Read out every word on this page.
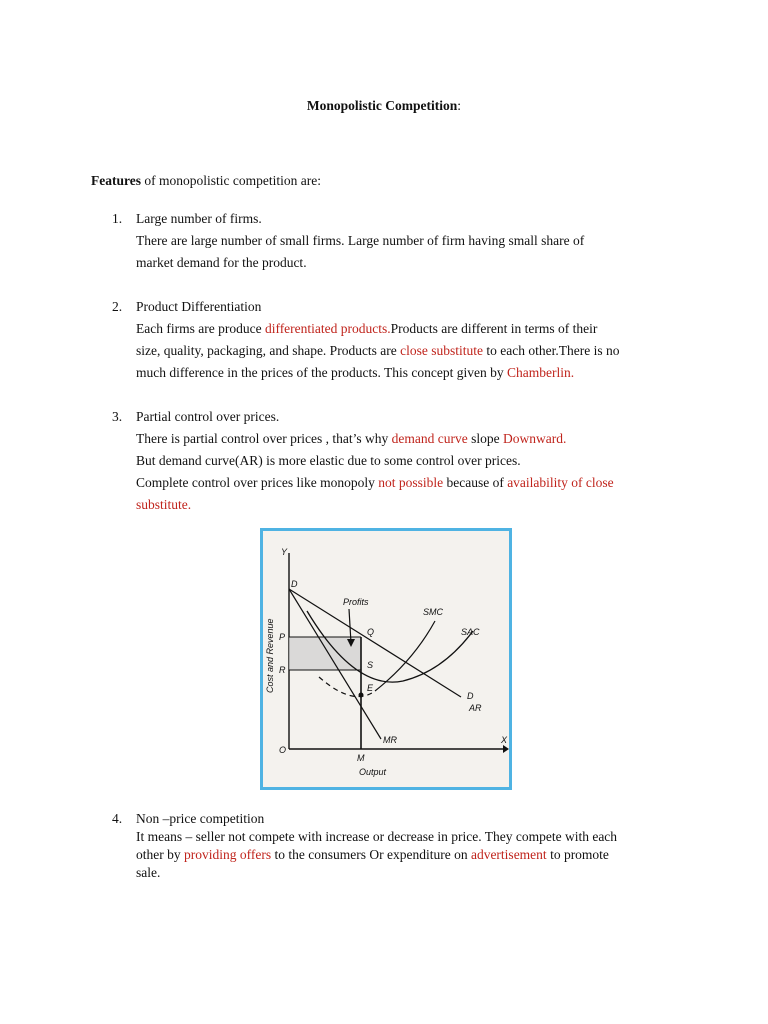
Monopolistic Competition:
Features of monopolistic competition are:
1. Large number of firms.
There are large number of small firms. Large number of firm having small share of
market demand for the product.
2. Product Differentiation
Each firms are produce differentiated products.Products are different in terms of their
size, quality, packaging, and shape. Products are close substitute to each other.There is no
much difference in the prices of the products. This concept given by Chamberlin.
3. Partial control over prices.
There is partial control over prices , that’s why demand curve slope Downward.
But demand curve(AR) is more elastic due to some control over prices.
Complete control over prices like monopoly not possible because of availability of close
substitute.
Y
X
O
D
P
R
Q
S
E
M
Profits
SMC
SAC
D
AR
MR
Output
Cost and Revenue
4. Non –price competition
It means – seller not compete with increase or decrease in price. They compete with each
other by providing offers to the consumers Or expenditure on advertisement to promote
sale.
